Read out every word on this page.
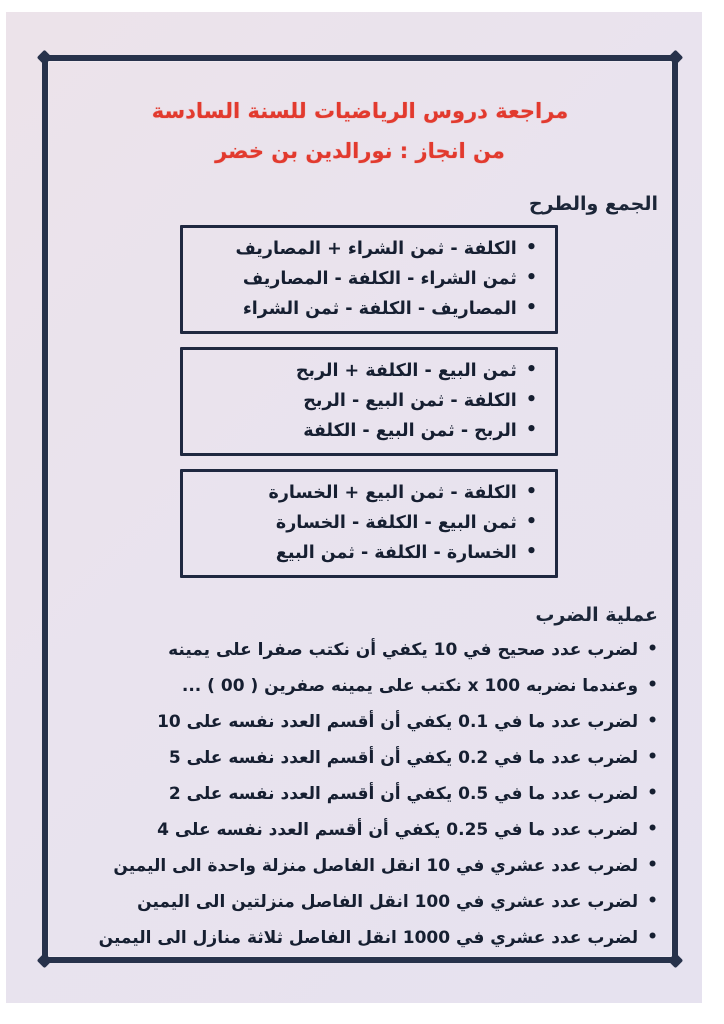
مراجعة دروس الرياضيات للسنة السادسة
من انجاز : نورالدين بن خضر
الجمع والطرح
• الكلفة - ثمن الشراء + المصاريف
• ثمن الشراء - الكلفة - المصاريف
• المصاريف - الكلفة - ثمن الشراء
• ثمن البيع - الكلفة + الربح
• الكلفة - ثمن البيع - الربح
• الربح - ثمن البيع - الكلفة
• الكلفة - ثمن البيع + الخسارة
• ثمن البيع - الكلفة - الخسارة
• الخسارة - الكلفة - ثمن البيع
عملية الضرب
• لضرب عدد صحيح في 10 يكفي أن نكتب صفرا على يمينه
• وعندما نضربه x 100 نكتب على يمينه صفرين ( 00 ) ...
• لضرب عدد ما في 0.1 يكفي أن أقسم العدد نفسه على 10
• لضرب عدد ما في 0.2 يكفي أن أقسم العدد نفسه على 5
• لضرب عدد ما في 0.5 يكفي أن أقسم العدد نفسه على 2
• لضرب عدد ما في 0.25 يكفي أن أقسم العدد نفسه على 4
• لضرب عدد عشري في 10 انقل الفاصل منزلة واحدة الى اليمين
• لضرب عدد عشري في 100 انقل الفاصل منزلتين الى اليمين
• لضرب عدد عشري في 1000 انقل الفاصل ثلاثة منازل الى اليمين
